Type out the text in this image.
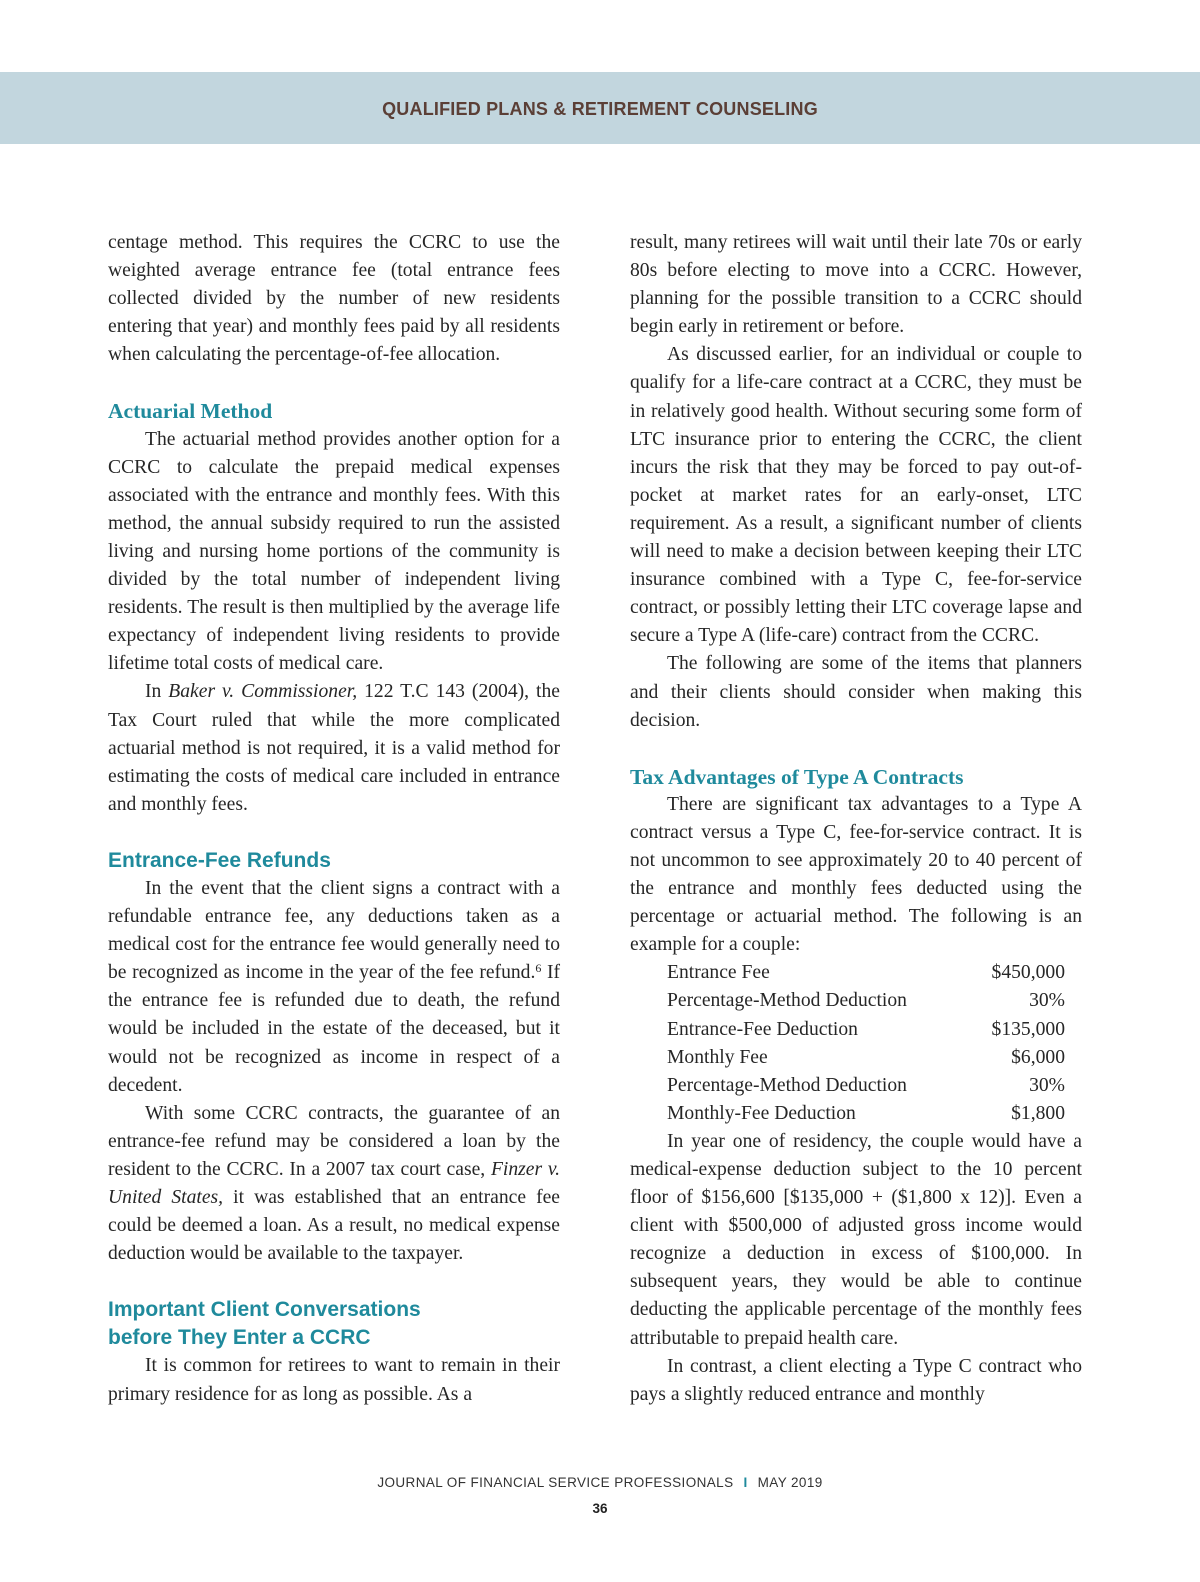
QUALIFIED PLANS & RETIREMENT COUNSELING

centage method. This requires the CCRC to use the weighted average entrance fee (total entrance fees collected divided by the number of new residents entering that year) and monthly fees paid by all residents when calculating the percentage-of-fee allocation.

Actuarial Method

The actuarial method provides another option for a CCRC to calculate the prepaid medical expenses associated with the entrance and monthly fees. With this method, the annual subsidy required to run the assisted living and nursing home portions of the community is divided by the total number of independent living residents. The result is then multiplied by the average life expectancy of independent living residents to provide lifetime total costs of medical care.

In Baker v. Commissioner, 122 T.C 143 (2004), the Tax Court ruled that while the more complicated actuarial method is not required, it is a valid method for estimating the costs of medical care included in entrance and monthly fees.

Entrance-Fee Refunds

In the event that the client signs a contract with a refundable entrance fee, any deductions taken as a medical cost for the entrance fee would generally need to be recognized as income in the year of the fee refund.$^6$ If the entrance fee is refunded due to death, the refund would be included in the estate of the deceased, but it would not be recognized as income in respect of a decedent.

With some CCRC contracts, the guarantee of an entrance-fee refund may be considered a loan by the resident to the CCRC. In a 2007 tax court case, Finzer v. United States, it was established that an entrance fee could be deemed a loan. As a result, no medical expense deduction would be available to the taxpayer.

Important Client Conversations
before They Enter a CCRC

It is common for retirees to want to remain in their primary residence for as long as possible. As a

result, many retirees will wait until their late 70s or early 80s before electing to move into a CCRC. However, planning for the possible transition to a CCRC should begin early in retirement or before.

As discussed earlier, for an individual or couple to qualify for a life-care contract at a CCRC, they must be in relatively good health. Without securing some form of LTC insurance prior to entering the CCRC, the client incurs the risk that they may be forced to pay out-of-pocket at market rates for an early-onset, LTC requirement. As a result, a significant number of clients will need to make a decision between keeping their LTC insurance combined with a Type C, fee-for-service contract, or possibly letting their LTC coverage lapse and secure a Type A (life-care) contract from the CCRC.

The following are some of the items that planners and their clients should consider when making this decision.

Tax Advantages of Type A Contracts

There are significant tax advantages to a Type A contract versus a Type C, fee-for-service contract. It is not uncommon to see approximately 20 to 40 percent of the entrance and monthly fees deducted using the percentage or actuarial method. The following is an example for a couple:

Entrance Fee	$450,000
Percentage-Method Deduction	30%
Entrance-Fee Deduction	$135,000
Monthly Fee	$6,000
Percentage-Method Deduction	30%
Monthly-Fee Deduction	$1,800

In year one of residency, the couple would have a medical-expense deduction subject to the 10 percent floor of $156,600 [$135,000 + ($1,800 x 12)]. Even a client with $500,000 of adjusted gross income would recognize a deduction in excess of $100,000. In subsequent years, they would be able to continue deducting the applicable percentage of the monthly fees attributable to prepaid health care.

In contrast, a client electing a Type C contract who pays a slightly reduced entrance and monthly

JOURNAL OF FINANCIAL SERVICE PROFESSIONALS I MAY 2019
36
